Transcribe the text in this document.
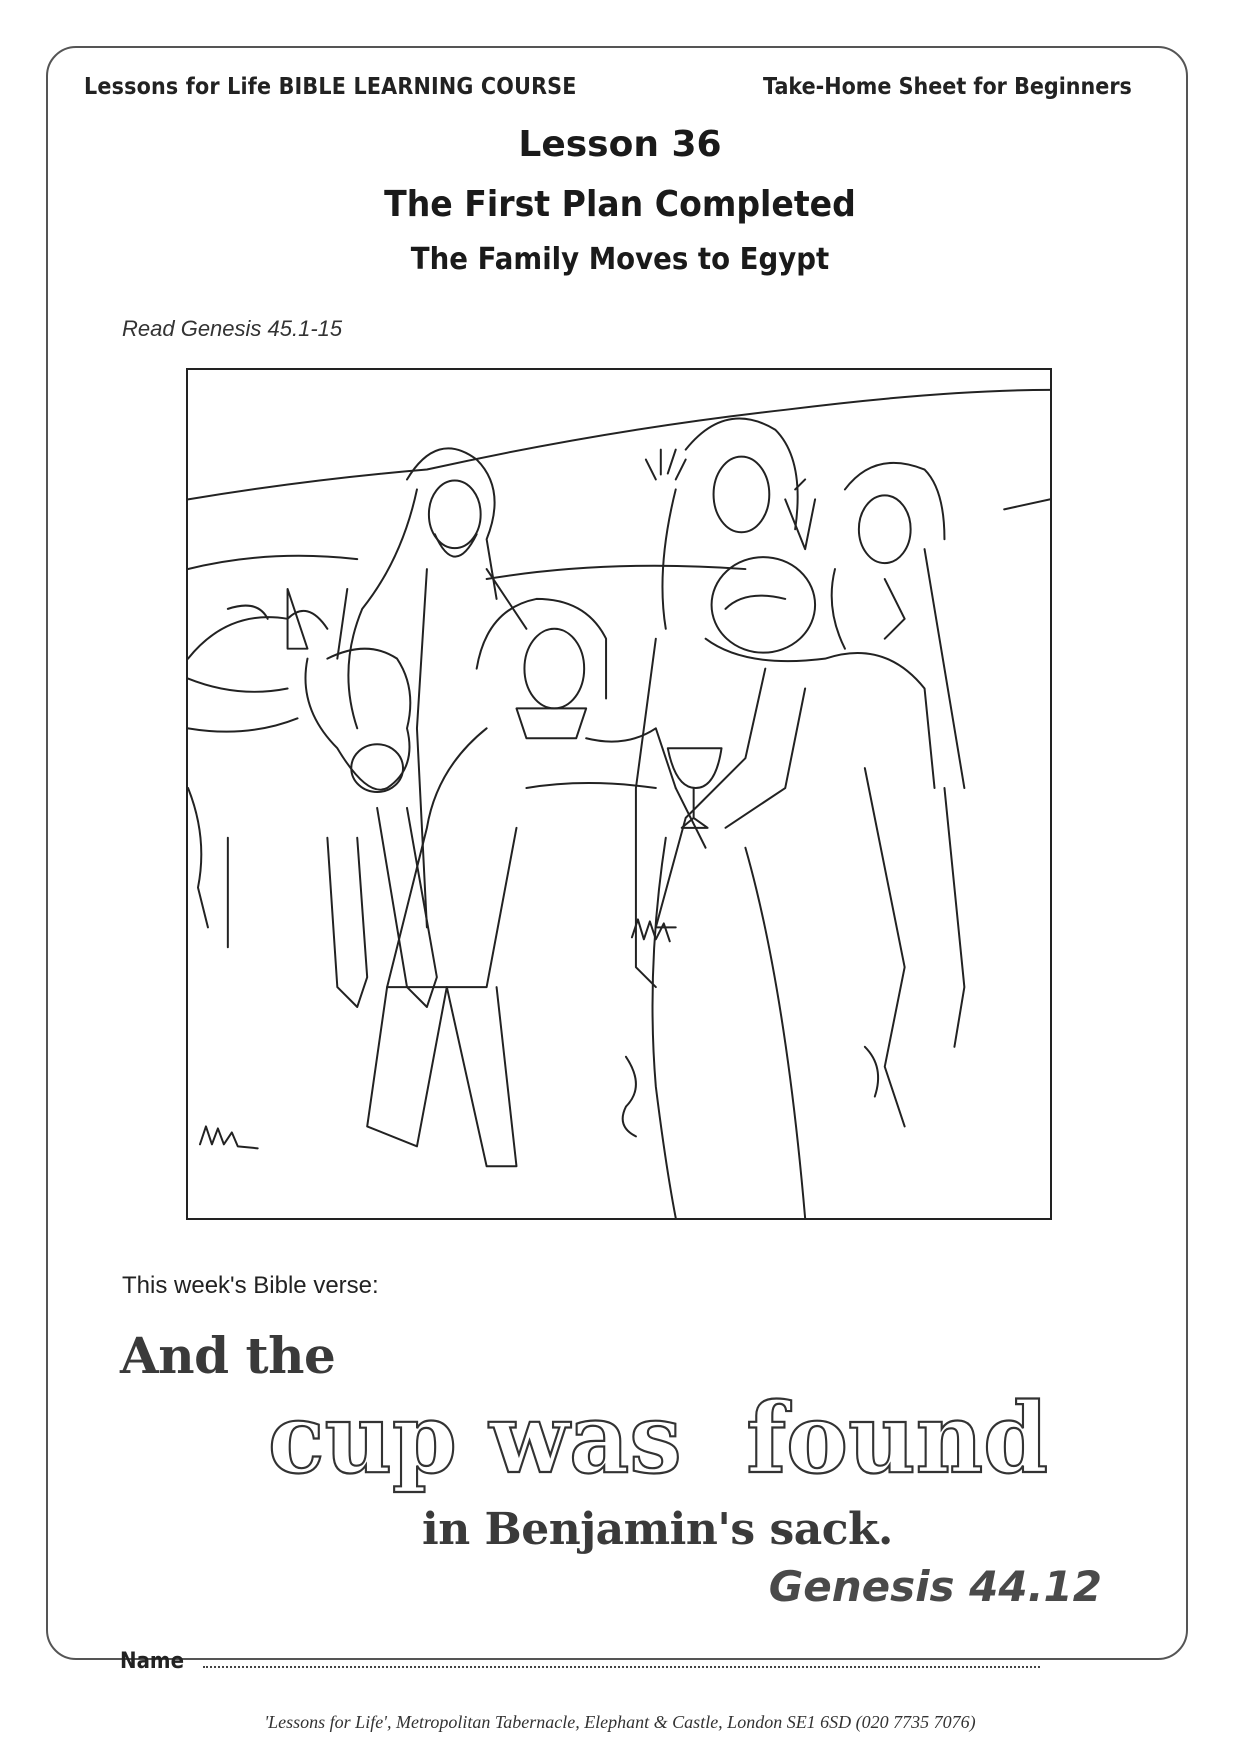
Lessons for Life BIBLE LEARNING COURSE	Take-Home Sheet for Beginners
Lesson 36
The First Plan Completed
The Family Moves to Egypt
Read Genesis 45.1-15
This week's Bible verse:
And the
cup was  found
in Benjamin's sack.
Genesis 44.12
Name
'Lessons for Life', Metropolitan Tabernacle, Elephant & Castle, London SE1 6SD (020 7735 7076)
